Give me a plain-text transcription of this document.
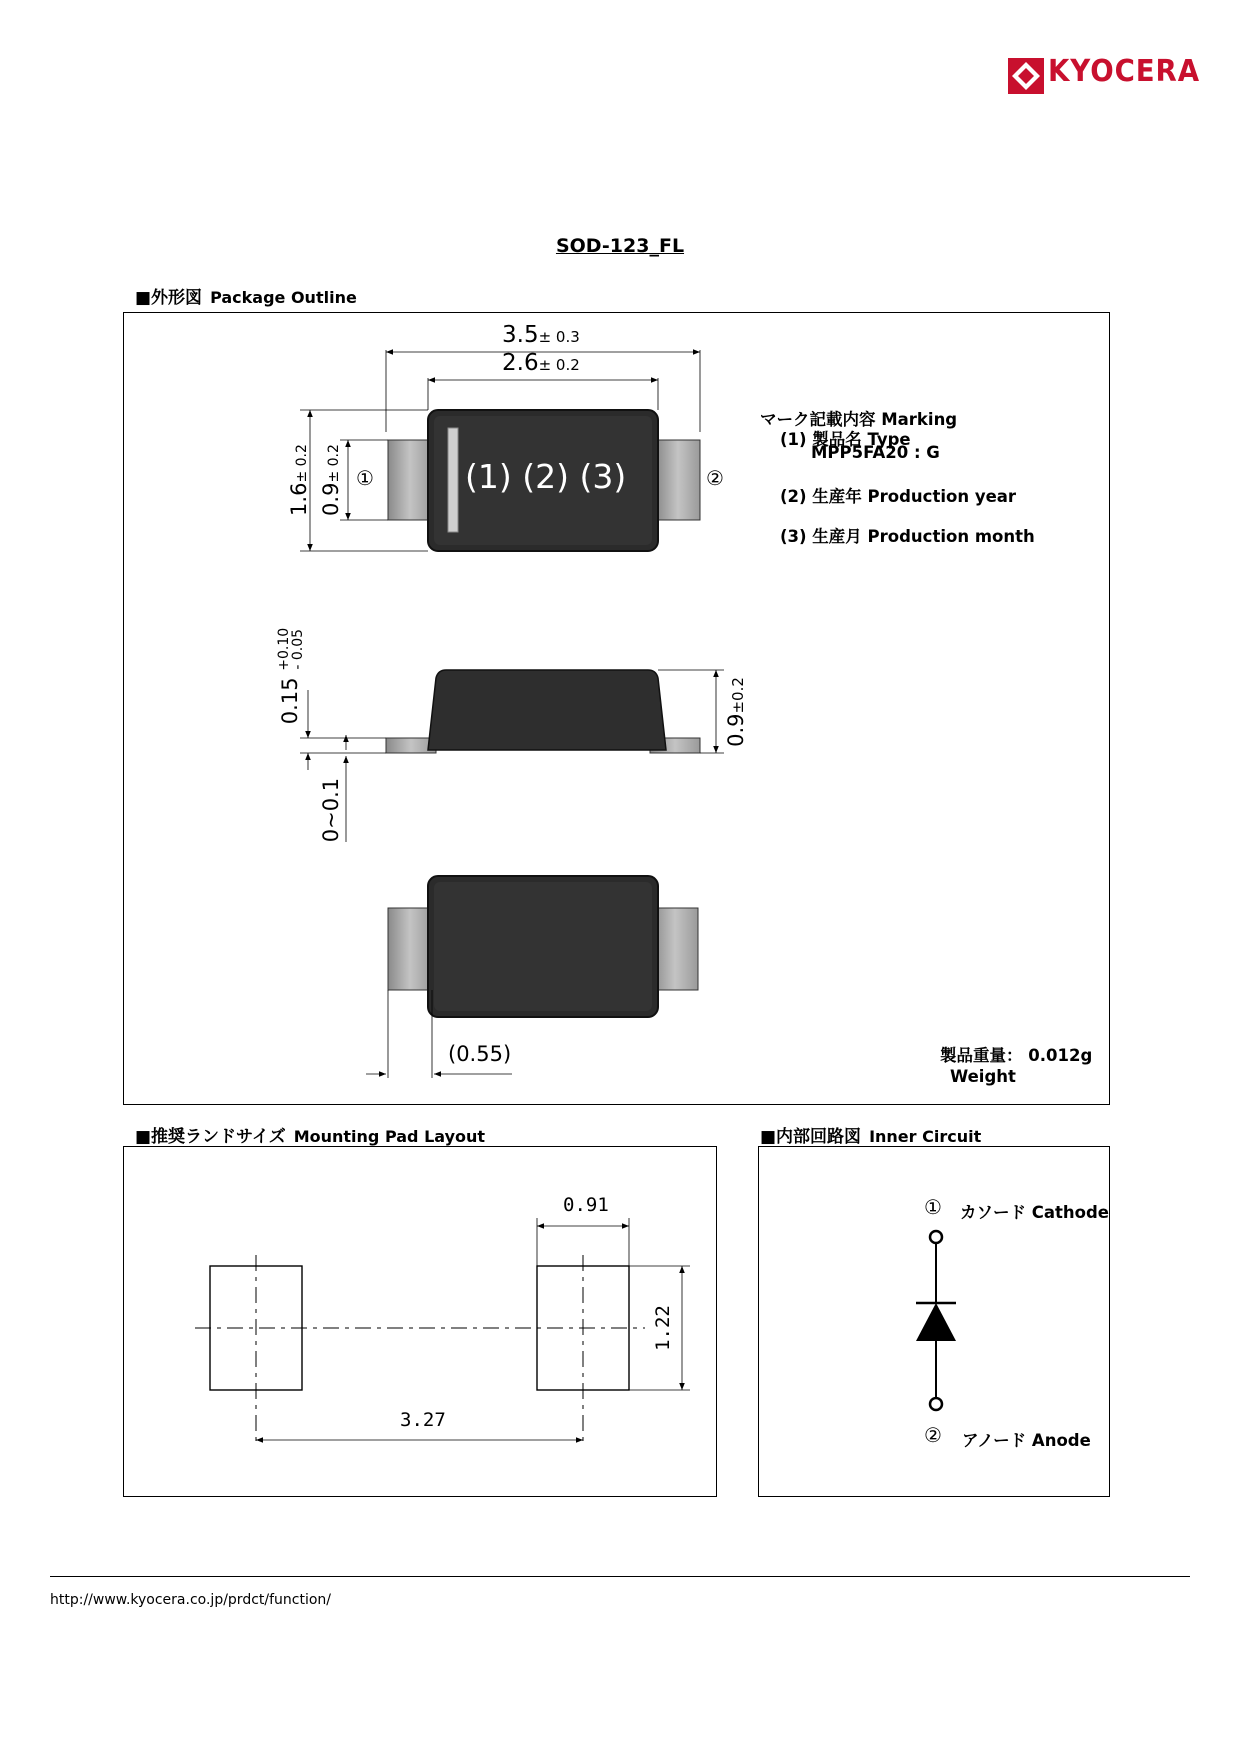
KYOCERA
SOD-123_FL
■外形図 Package Outline
3.5± 0.3
2.6± 0.2
1.6± 0.2
0.9± 0.2 ①	②
(1) (2) (3)
0.15
+0.10
- 0.05
0~0.1
0.9±0.2
(0.55)
マーク記載内容 Marking
(1) 製品名 Type
MPP5FA20 : G
(2) 生産年 Production year
(3) 生産月 Production month
製品重量： 0.012g
Weight
■推奨ランドサイズ Mounting Pad Layout
0.91
1.22
3.27
■内部回路図 Inner Circuit
① カソード Cathode
② アノード Anode
http://www.kyocera.co.jp/prdct/function/
